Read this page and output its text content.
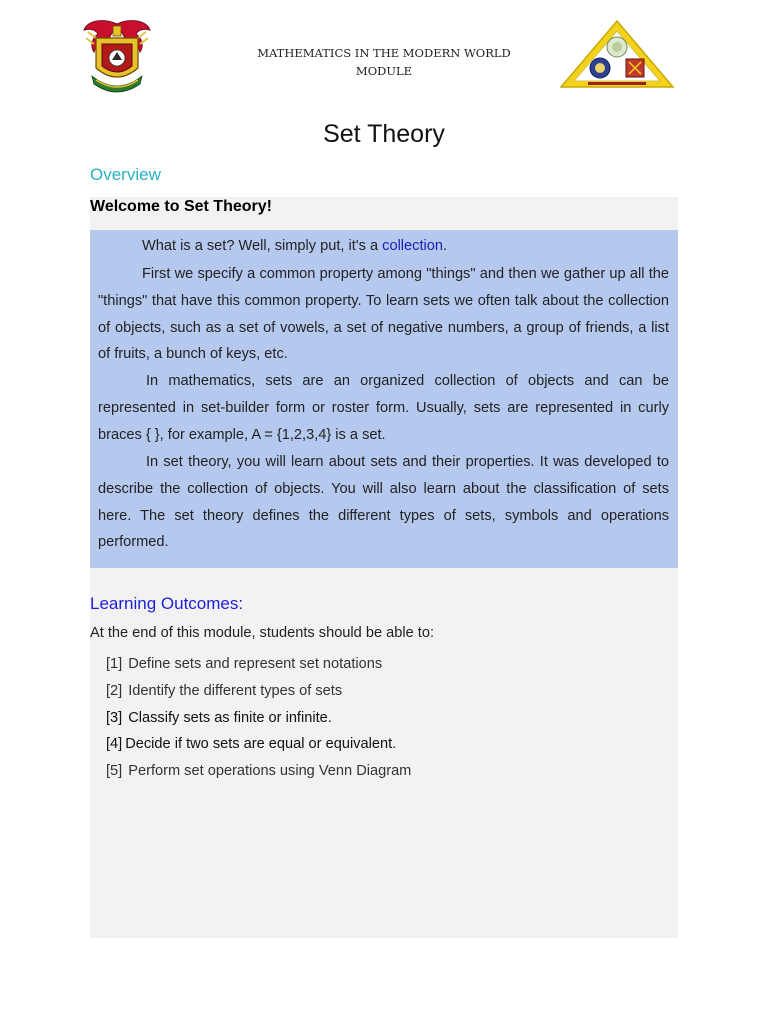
MATHEMATICS IN THE MODERN WORLD
MODULE
Set Theory
Overview
Welcome to Set Theory!

What is a set? Well, simply put, it's a collection.

First we specify a common property among "things" and then we gather up all the "things" that have this common property. To learn sets we often talk about the collection of objects, such as a set of vowels, a set of negative numbers, a group of friends, a list of fruits, a bunch of keys, etc.

In mathematics, sets are an organized collection of objects and can be represented in set-builder form or roster form. Usually, sets are represented in curly braces { }, for example, A = {1,2,3,4} is a set.

In set theory, you will learn about sets and their properties. It was developed to describe the collection of objects. You will also learn about the classification of sets here. The set theory defines the different types of sets, symbols and operations performed.

Learning Outcomes:
At the end of this module, students should be able to:
[1] Define sets and represent set notations
[2] Identify the different types of sets
[3] Classify sets as finite or infinite.
[4] Decide if two sets are equal or equivalent.
[5] Perform set operations using Venn Diagram
